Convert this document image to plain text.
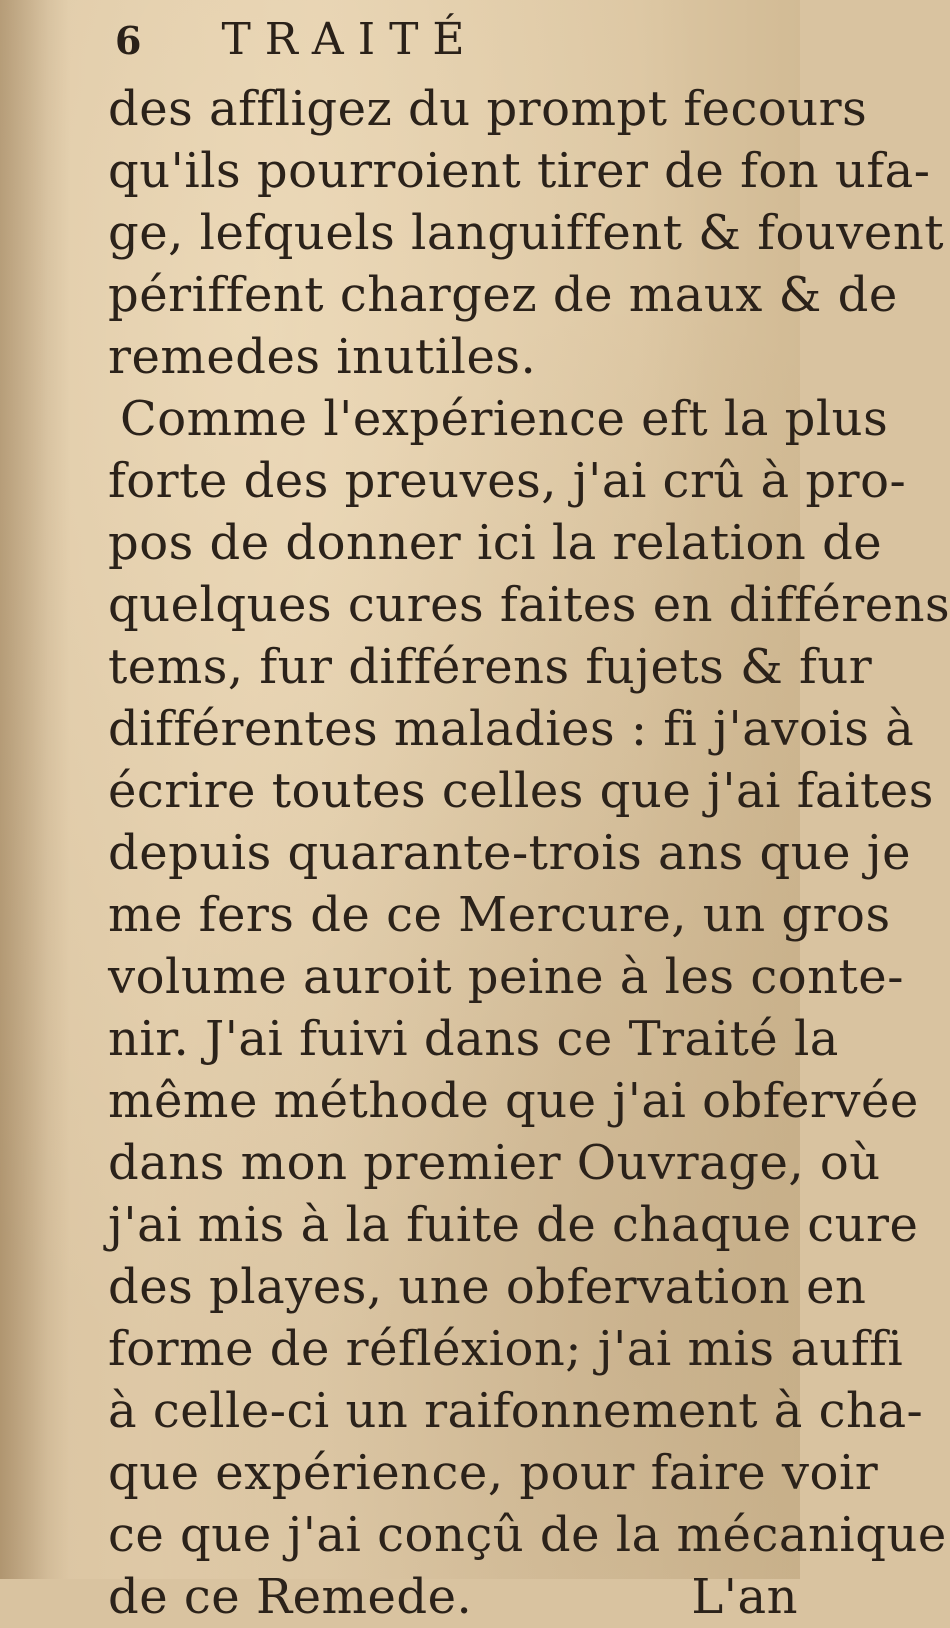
6 TRAITÉ
des affligez du prompt fecours
qu'ils pourroient tirer de fon ufa-
ge, lefquels languiffent & fouvent
périffent chargez de maux & de
remedes inutiles.
Comme l'expérience eft la plus
forte des preuves, j'ai crû à pro-
pos de donner ici la relation de
quelques cures faites en différens
tems, fur différens fujets & fur
différentes maladies : fi j'avois à
écrire toutes celles que j'ai faites
depuis quarante-trois ans que je
me fers de ce Mercure, un gros
volume auroit peine à les conte-
nir. J'ai fuivi dans ce Traité la
même méthode que j'ai obfervée
dans mon premier Ouvrage, où
j'ai mis à la fuite de chaque cure
des playes, une obfervation en
forme de réfléxion; j'ai mis auffi
à celle-ci un raifonnement à cha-
que expérience, pour faire voir
ce que j'ai conçû de la mécanique
de ce Remede.	L'an
